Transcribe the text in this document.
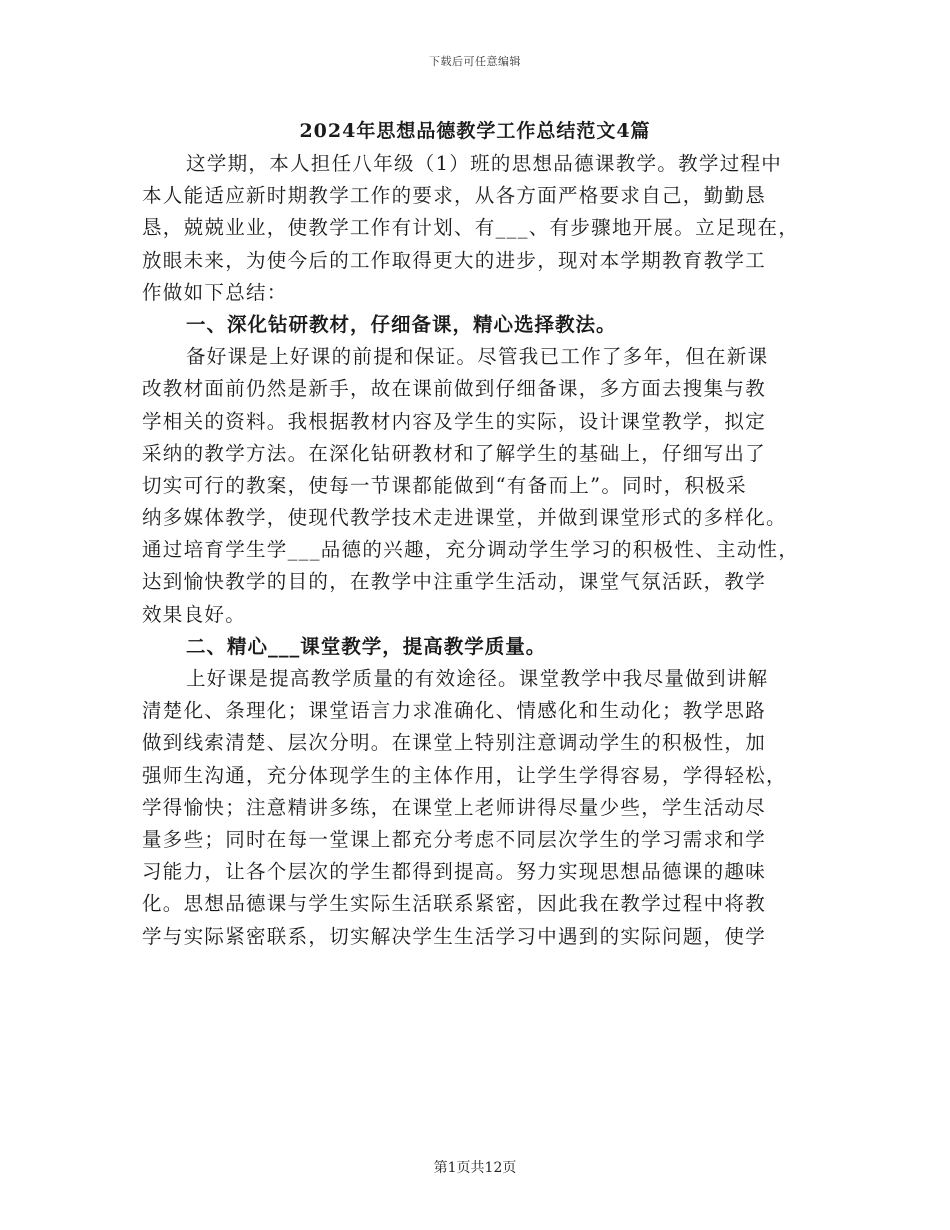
下载后可任意编辑
2024年思想品德教学工作总结范文4篇
这学期，本人担任八年级（1）班的思想品德课教学。教学过程中
本人能适应新时期教学工作的要求，从各方面严格要求自己，勤勤恳
恳，兢兢业业，使教学工作有计划、有___、有步骤地开展。立足现在，
放眼未来，为使今后的工作取得更大的进步，现对本学期教育教学工
作做如下总结：
一、深化钻研教材，仔细备课，精心选择教法。
备好课是上好课的前提和保证。尽管我已工作了多年，但在新课
改教材面前仍然是新手，故在课前做到仔细备课，多方面去搜集与教
学相关的资料。我根据教材内容及学生的实际，设计课堂教学，拟定
采纳的教学方法。在深化钻研教材和了解学生的基础上，仔细写出了
切实可行的教案，使每一节课都能做到“有备而上”。同时，积极采
纳多媒体教学，使现代教学技术走进课堂，并做到课堂形式的多样化。
通过培育学生学___品德的兴趣，充分调动学生学习的积极性、主动性，
达到愉快教学的目的，在教学中注重学生活动，课堂气氛活跃，教学
效果良好。
二、精心___课堂教学，提高教学质量。
上好课是提高教学质量的有效途径。课堂教学中我尽量做到讲解
清楚化、条理化；课堂语言力求准确化、情感化和生动化；教学思路
做到线索清楚、层次分明。在课堂上特别注意调动学生的积极性，加
强师生沟通，充分体现学生的主体作用，让学生学得容易，学得轻松，
学得愉快；注意精讲多练，在课堂上老师讲得尽量少些，学生活动尽
量多些；同时在每一堂课上都充分考虑不同层次学生的学习需求和学
习能力，让各个层次的学生都得到提高。努力实现思想品德课的趣味
化。思想品德课与学生实际生活联系紧密，因此我在教学过程中将教
学与实际紧密联系，切实解决学生生活学习中遇到的实际问题，使学
第1页共12页
